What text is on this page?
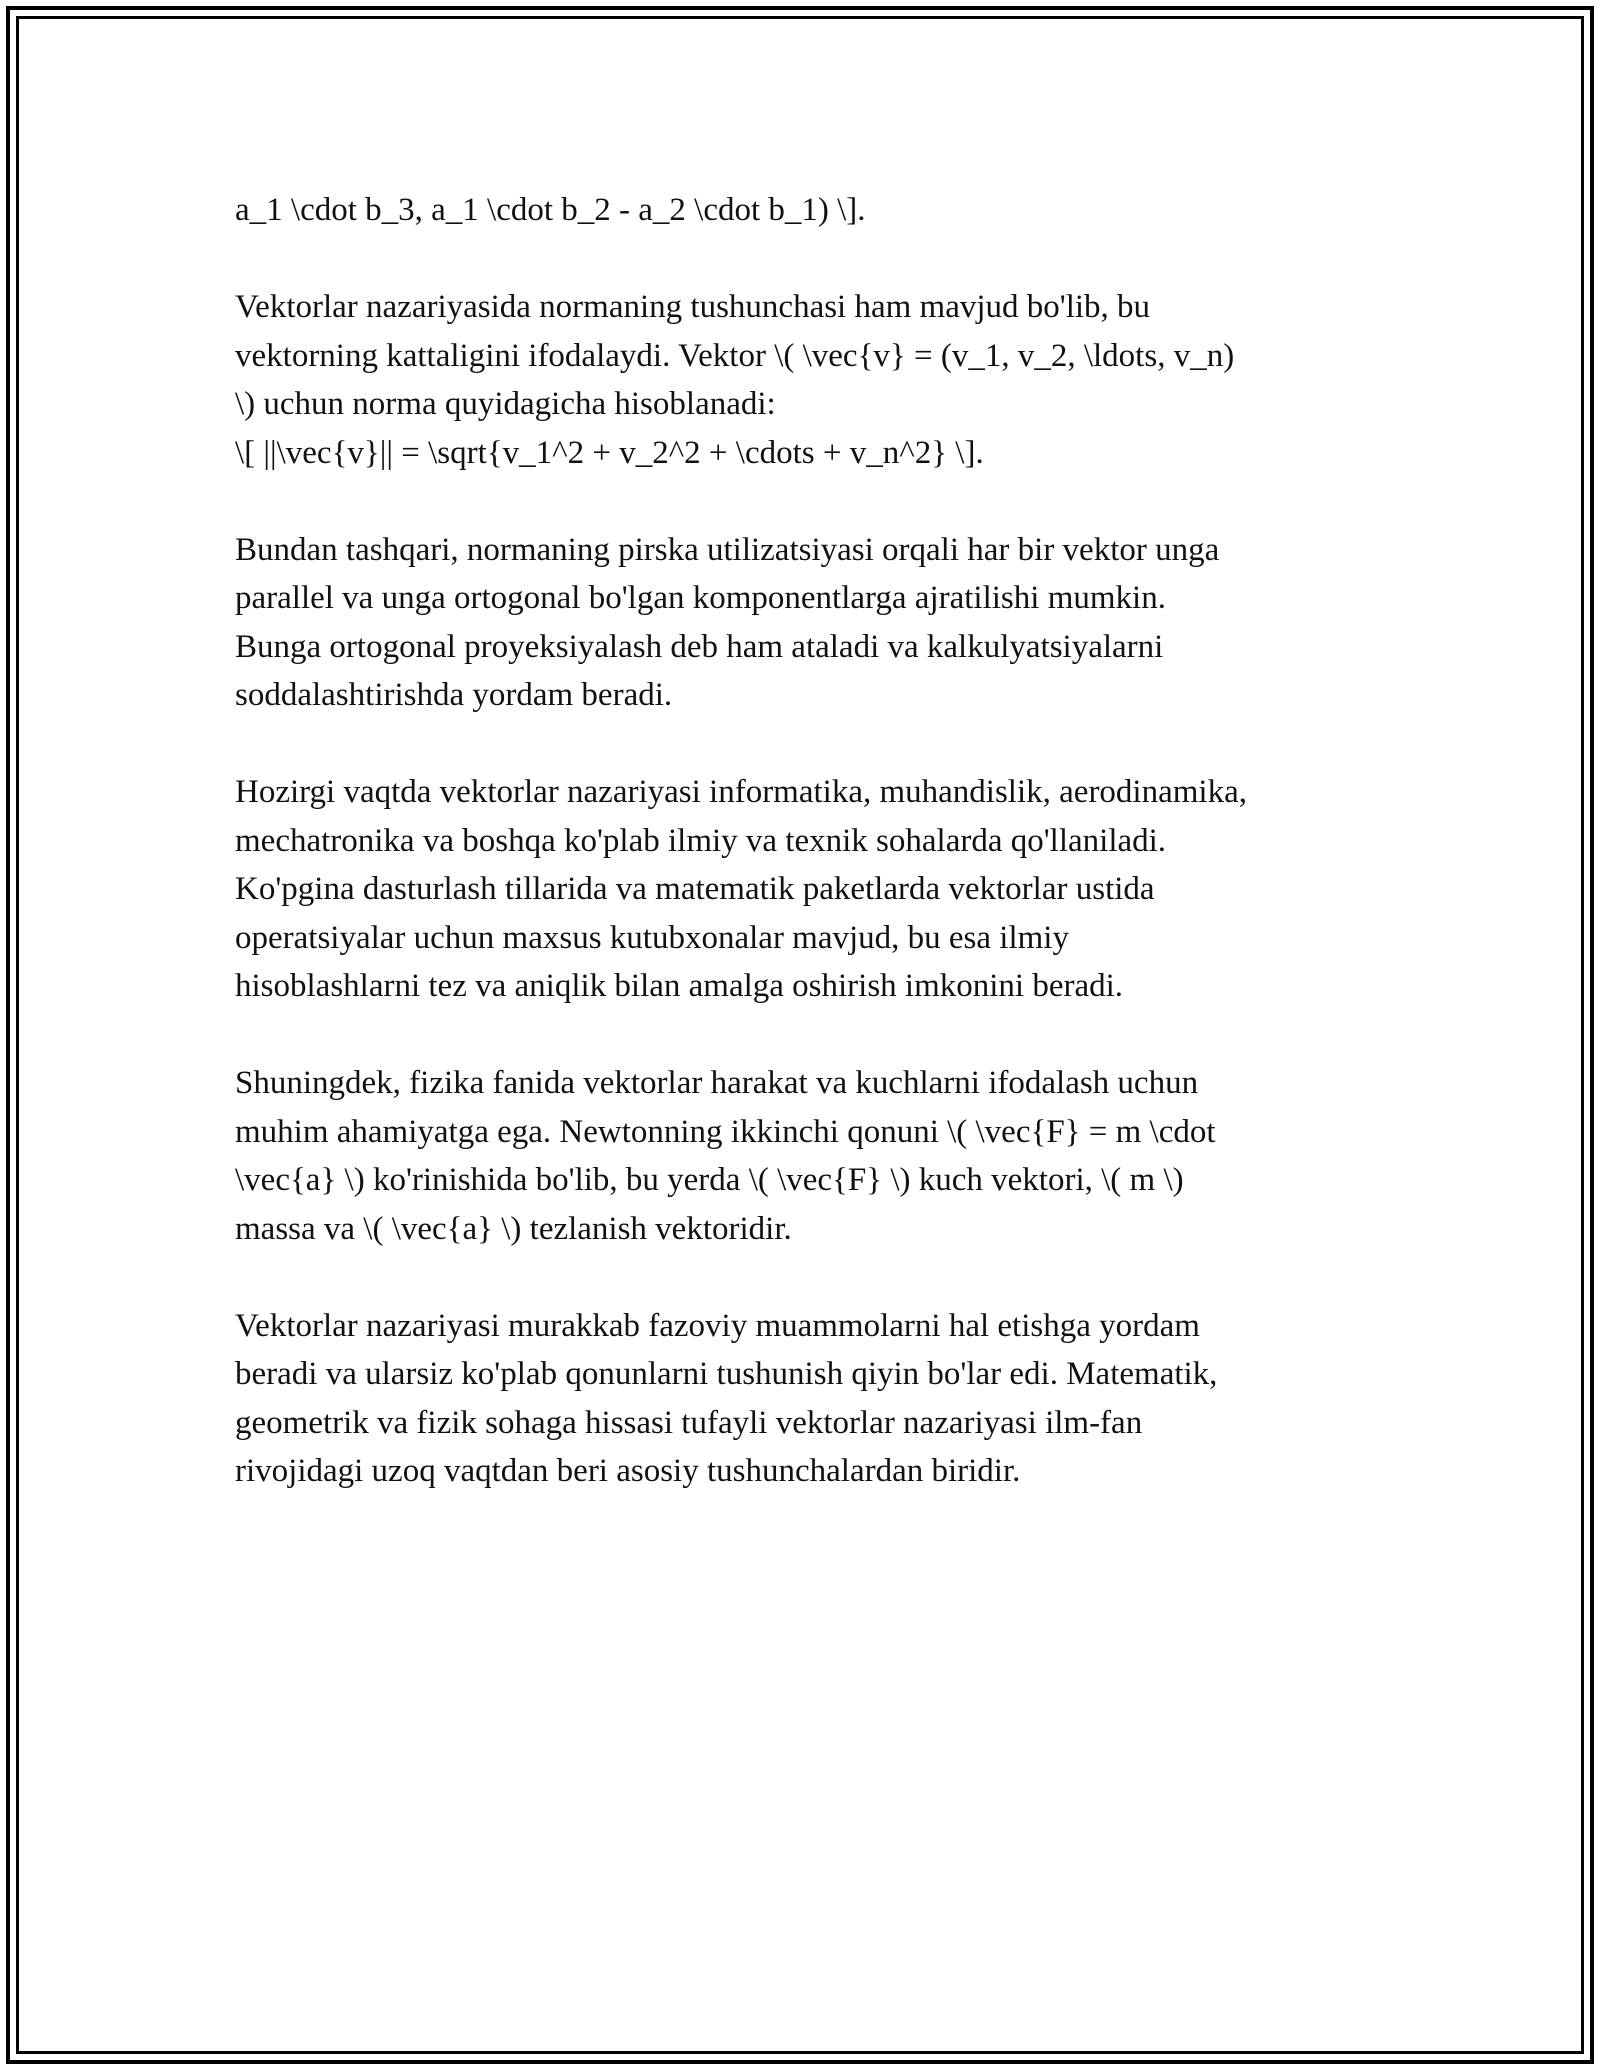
a_1 \cdot b_3, a_1 \cdot b_2 - a_2 \cdot b_1) \].

Vektorlar nazariyasida normaning tushunchasi ham mavjud bo'lib, bu
vektorning kattaligini ifodalaydi. Vektor \( \vec{v} = (v_1, v_2, \ldots, v_n)
\) uchun norma quyidagicha hisoblanadi:
\[ ||\vec{v}|| = \sqrt{v_1^2 + v_2^2 + \cdots + v_n^2} \].

Bundan tashqari, normaning pirska utilizatsiyasi orqali har bir vektor unga
parallel va unga ortogonal bo'lgan komponentlarga ajratilishi mumkin.
Bunga ortogonal proyeksiyalash deb ham ataladi va kalkulyatsiyalarni
soddalashtirishda yordam beradi.

Hozirgi vaqtda vektorlar nazariyasi informatika, muhandislik, aerodinamika,
mechatronika va boshqa ko'plab ilmiy va texnik sohalarda qo'llaniladi.
Ko'pgina dasturlash tillarida va matematik paketlarda vektorlar ustida
operatsiyalar uchun maxsus kutubxonalar mavjud, bu esa ilmiy
hisoblashlarni tez va aniqlik bilan amalga oshirish imkonini beradi.

Shuningdek, fizika fanida vektorlar harakat va kuchlarni ifodalash uchun
muhim ahamiyatga ega. Newtonning ikkinchi qonuni \( \vec{F} = m \cdot
\vec{a} \) ko'rinishida bo'lib, bu yerda \( \vec{F} \) kuch vektori, \( m \)
massa va \( \vec{a} \) tezlanish vektoridir.

Vektorlar nazariyasi murakkab fazoviy muammolarni hal etishga yordam
beradi va ularsiz ko'plab qonunlarni tushunish qiyin bo'lar edi. Matematik,
geometrik va fizik sohaga hissasi tufayli vektorlar nazariyasi ilm-fan
rivojidagi uzoq vaqtdan beri asosiy tushunchalardan biridir.
